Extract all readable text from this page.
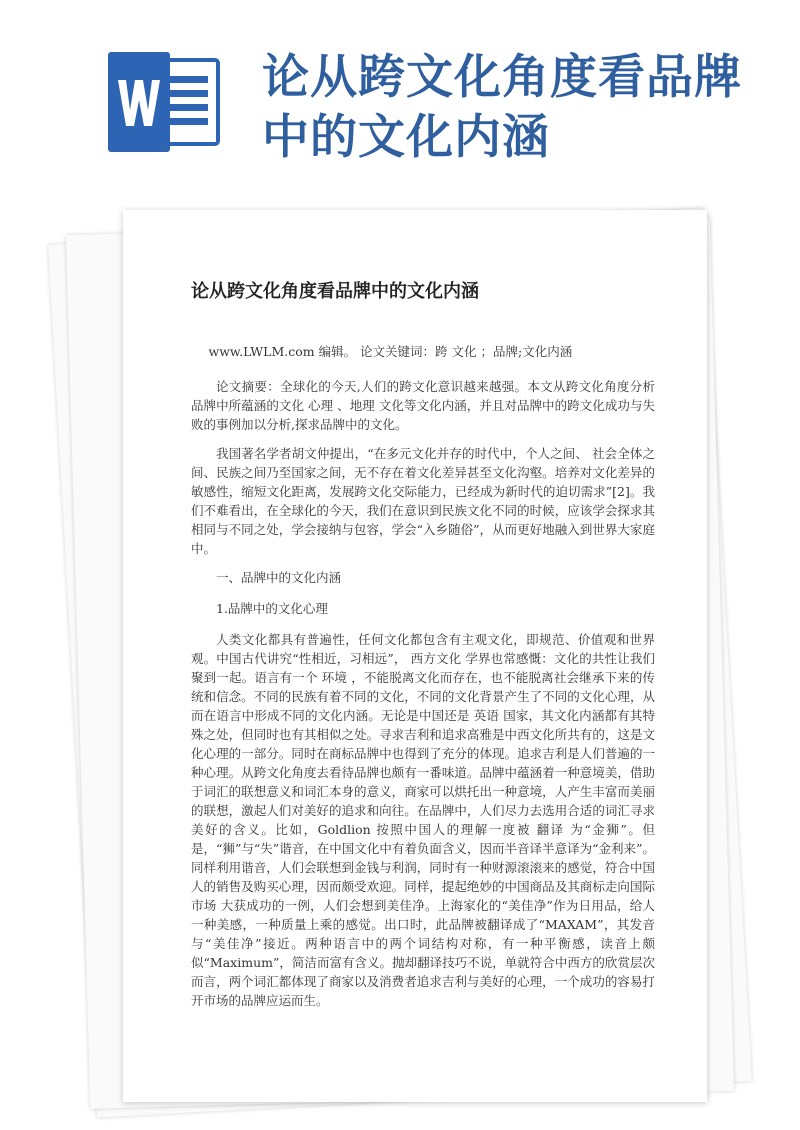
论从跨文化角度看品牌中的文化内涵
论从跨文化角度看品牌中的文化内涵

www.LWLM.com 编辑。 论文关键词：跨 文化 ；品牌;文化内涵

论文摘要：全球化的今天,人们的跨文化意识越来越强。本文从跨文化角度分析品牌中所蕴涵的文化 心理 、地理 文化等文化内涵，并且对品牌中的跨文化成功与失败的事例加以分析,探求品牌中的文化。

我国著名学者胡文仲提出，“在多元文化并存的时代中，个人之间、 社会全体之间、民族之间乃至国家之间，无不存在着文化差异甚至文化沟壑。培养对文化差异的敏感性，缩短文化距离，发展跨文化交际能力，已经成为新时代的迫切需求”[2]。我们不难看出，在全球化的今天，我们在意识到民族文化不同的时候，应该学会探求其相同与不同之处，学会接纳与包容，学会“入乡随俗”，从而更好地融入到世界大家庭中。

一、品牌中的文化内涵
1.品牌中的文化心理

人类文化都具有普遍性，任何文化都包含有主观文化，即规范、价值观和世界观。中国古代讲究“性相近，习相远”， 西方文化 学界也常感慨：文化的共性让我们聚到一起。语言有一个 环境 ，不能脱离文化而存在，也不能脱离社会继承下来的传统和信念。不同的民族有着不同的文化，不同的文化背景产生了不同的文化心理，从而在语言中形成不同的文化内涵。无论是中国还是 英语 国家，其文化内涵都有其特殊之处，但同时也有其相似之处。寻求吉利和追求高雅是中西文化所共有的，这是文化心理的一部分。同时在商标品牌中也得到了充分的体现。追求吉利是人们普遍的一种心理。从跨文化角度去看待品牌也颇有一番味道。品牌中蕴涵着一种意境美，借助于词汇的联想意义和词汇本身的意义，商家可以烘托出一种意境，人产生丰富而美丽的联想，激起人们对美好的追求和向往。在品牌中，人们尽力去选用合适的词汇寻求美好的含义。比如，Goldlion 按照中国人的理解一度被 翻译 为“金狮”。但是，“狮”与“失”谐音，在中国文化中有着负面含义，因而半音译半意译为“金利来”。同样利用谐音，人们会联想到金钱与利润，同时有一种财源滚滚来的感觉，符合中国人的销售及购买心理，因而颇受欢迎。同样，提起绝妙的中国商品及其商标走向国际 市场 大获成功的一例，人们会想到美佳净。上海家化的“美佳净”作为日用品，给人一种美感，一种质量上乘的感觉。出口时，此品牌被翻译成了“MAXAM”，其发音与“美佳净”接近。两种语言中的两个词结构对称，有一种平衡感，读音上颇似“Maximum”，简洁而富有含义。抛却翻译技巧不说，单就符合中西方的欣赏层次而言，两个词汇都体现了商家以及消费者追求吉利与美好的心理，一个成功的容易打开市场的品牌应运而生。
